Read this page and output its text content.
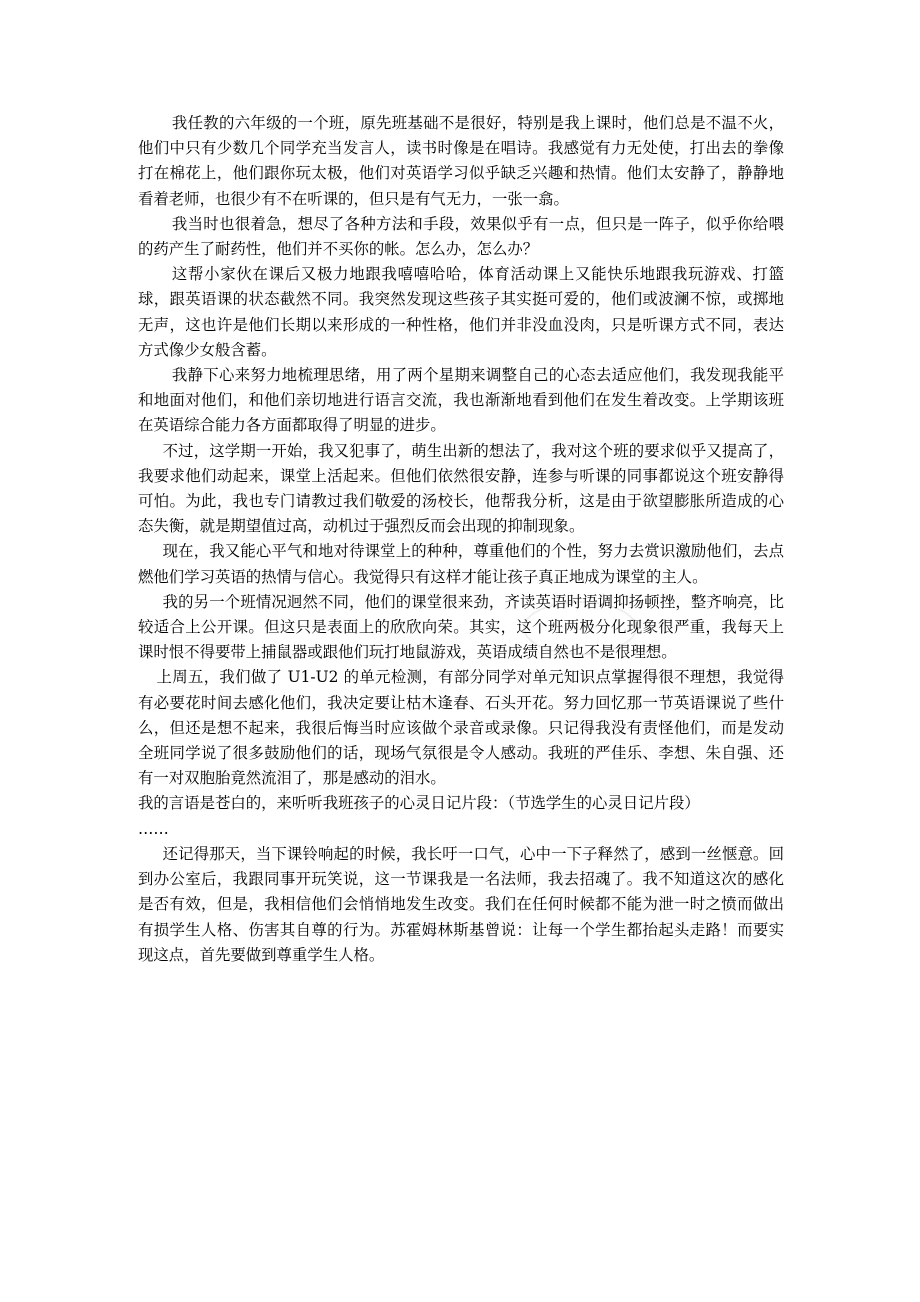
我任教的六年级的一个班，原先班基础不是很好，特别是我上课时，他们总是不温不火，他们中只有少数几个同学充当发言人，读书时像是在唱诗。我感觉有力无处使，打出去的拳像打在棉花上，他们跟你玩太极，他们对英语学习似乎缺乏兴趣和热情。他们太安静了，静静地看着老师，也很少有不在听课的，但只是有气无力，一张一翕。

我当时也很着急，想尽了各种方法和手段，效果似乎有一点，但只是一阵子，似乎你给喂的药产生了耐药性，他们并不买你的帐。怎么办，怎么办？

这帮小家伙在课后又极力地跟我嘻嘻哈哈，体育活动课上又能快乐地跟我玩游戏、打篮球，跟英语课的状态截然不同。我突然发现这些孩子其实挺可爱的，他们或波澜不惊，或掷地无声，这也许是他们长期以来形成的一种性格，他们并非没血没肉，只是听课方式不同，表达方式像少女般含蓄。

我静下心来努力地梳理思绪，用了两个星期来调整自己的心态去适应他们，我发现我能平和地面对他们，和他们亲切地进行语言交流，我也渐渐地看到他们在发生着改变。上学期该班在英语综合能力各方面都取得了明显的进步。

不过，这学期一开始，我又犯事了，萌生出新的想法了，我对这个班的要求似乎又提高了，我要求他们动起来，课堂上活起来。但他们依然很安静，连参与听课的同事都说这个班安静得可怕。为此，我也专门请教过我们敬爱的汤校长，他帮我分析，这是由于欲望膨胀所造成的心态失衡，就是期望值过高，动机过于强烈反而会出现的抑制现象。

现在，我又能心平气和地对待课堂上的种种，尊重他们的个性，努力去赏识激励他们，去点燃他们学习英语的热情与信心。我觉得只有这样才能让孩子真正地成为课堂的主人。

我的另一个班情况迥然不同，他们的课堂很来劲，齐读英语时语调抑扬顿挫，整齐响亮，比较适合上公开课。但这只是表面上的欣欣向荣。其实，这个班两极分化现象很严重，我每天上课时恨不得要带上捕鼠器或跟他们玩打地鼠游戏，英语成绩自然也不是很理想。

上周五，我们做了 U1-U2 的单元检测，有部分同学对单元知识点掌握得很不理想，我觉得有必要花时间去感化他们，我决定要让枯木逢春、石头开花。努力回忆那一节英语课说了些什么，但还是想不起来，我很后悔当时应该做个录音或录像。只记得我没有责怪他们，而是发动全班同学说了很多鼓励他们的话，现场气氛很是令人感动。我班的严佳乐、李想、朱自强、还有一对双胞胎竟然流泪了，那是感动的泪水。

我的言语是苍白的，来听听我班孩子的心灵日记片段：（节选学生的心灵日记片段）

……

还记得那天，当下课铃响起的时候，我长吁一口气，心中一下子释然了，感到一丝惬意。回到办公室后，我跟同事开玩笑说，这一节课我是一名法师，我去招魂了。我不知道这次的感化是否有效，但是，我相信他们会悄悄地发生改变。我们在任何时候都不能为泄一时之愤而做出有损学生人格、伤害其自尊的行为。苏霍姆林斯基曾说：让每一个学生都抬起头走路！而要实现这点，首先要做到尊重学生人格。
